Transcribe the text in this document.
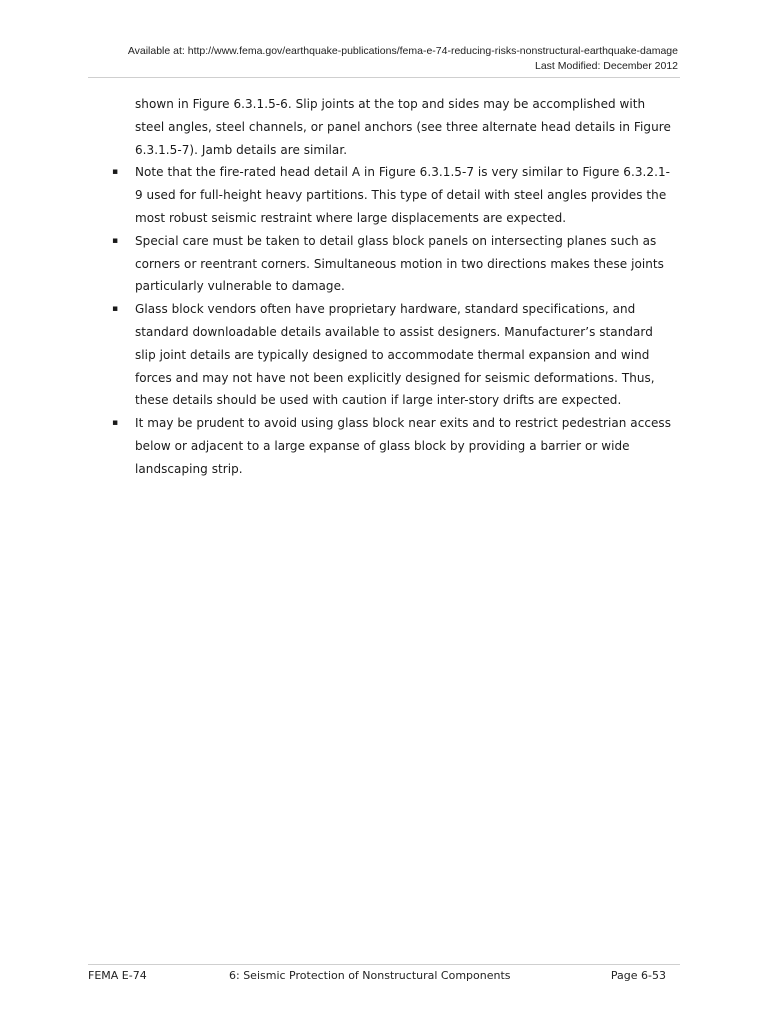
Available at: http://www.fema.gov/earthquake-publications/fema-e-74-reducing-risks-nonstructural-earthquake-damage
Last Modified: December 2012

shown in Figure 6.3.1.5-6. Slip joints at the top and sides may be accomplished with steel angles, steel channels, or panel anchors (see three alternate head details in Figure 6.3.1.5-7). Jamb details are similar.

▪ Note that the fire-rated head detail A in Figure 6.3.1.5-7 is very similar to Figure 6.3.2.1-9 used for full-height heavy partitions. This type of detail with steel angles provides the most robust seismic restraint where large displacements are expected.
▪ Special care must be taken to detail glass block panels on intersecting planes such as corners or reentrant corners. Simultaneous motion in two directions makes these joints particularly vulnerable to damage.
▪ Glass block vendors often have proprietary hardware, standard specifications, and standard downloadable details available to assist designers. Manufacturer’s standard slip joint details are typically designed to accommodate thermal expansion and wind forces and may not have not been explicitly designed for seismic deformations. Thus, these details should be used with caution if large inter-story drifts are expected.
▪ It may be prudent to avoid using glass block near exits and to restrict pedestrian access below or adjacent to a large expanse of glass block by providing a barrier or wide landscaping strip.
FEMA E-74	6: Seismic Protection of Nonstructural Components	Page 6-53
